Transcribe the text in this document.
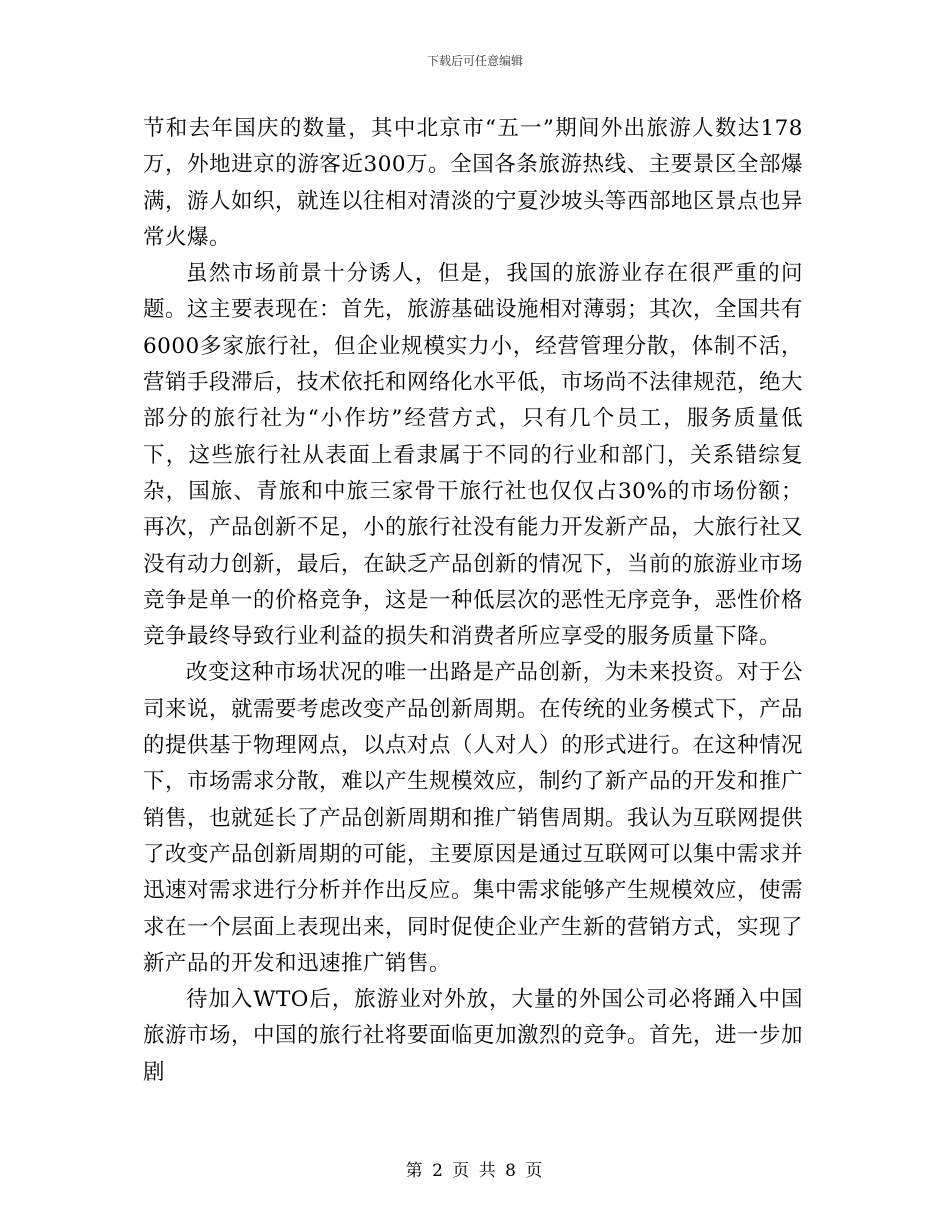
下载后可任意编辑

节和去年国庆的数量，其中北京市“五一”期间外出旅游人数达178万，外地进京的游客近300万。全国各条旅游热线、主要景区全部爆满，游人如织，就连以往相对清淡的宁夏沙坡头等西部地区景点也异常火爆。

虽然市场前景十分诱人，但是，我国的旅游业存在很严重的问题。这主要表现在：首先，旅游基础设施相对薄弱；其次，全国共有6000多家旅行社，但企业规模实力小，经营管理分散，体制不活，营销手段滞后，技术依托和网络化水平低，市场尚不法律规范，绝大部分的旅行社为“小作坊”经营方式，只有几个员工，服务质量低下，这些旅行社从表面上看隶属于不同的行业和部门，关系错综复杂，国旅、青旅和中旅三家骨干旅行社也仅仅占30%的市场份额；再次，产品创新不足，小的旅行社没有能力开发新产品，大旅行社又没有动力创新，最后，在缺乏产品创新的情况下，当前的旅游业市场竞争是单一的价格竞争，这是一种低层次的恶性无序竞争，恶性价格竞争最终导致行业利益的损失和消费者所应享受的服务质量下降。

改变这种市场状况的唯一出路是产品创新，为未来投资。对于公司来说，就需要考虑改变产品创新周期。在传统的业务模式下，产品的提供基于物理网点，以点对点（人对人）的形式进行。在这种情况下，市场需求分散，难以产生规模效应，制约了新产品的开发和推广销售，也就延长了产品创新周期和推广销售周期。我认为互联网提供了改变产品创新周期的可能，主要原因是通过互联网可以集中需求并迅速对需求进行分析并作出反应。集中需求能够产生规模效应，使需求在一个层面上表现出来，同时促使企业产生新的营销方式，实现了新产品的开发和迅速推广销售。

待加入WTO后，旅游业对外放，大量的外国公司必将踊入中国旅游市场，中国的旅行社将要面临更加激烈的竞争。首先，进一步加剧

第 2 页 共 8 页
